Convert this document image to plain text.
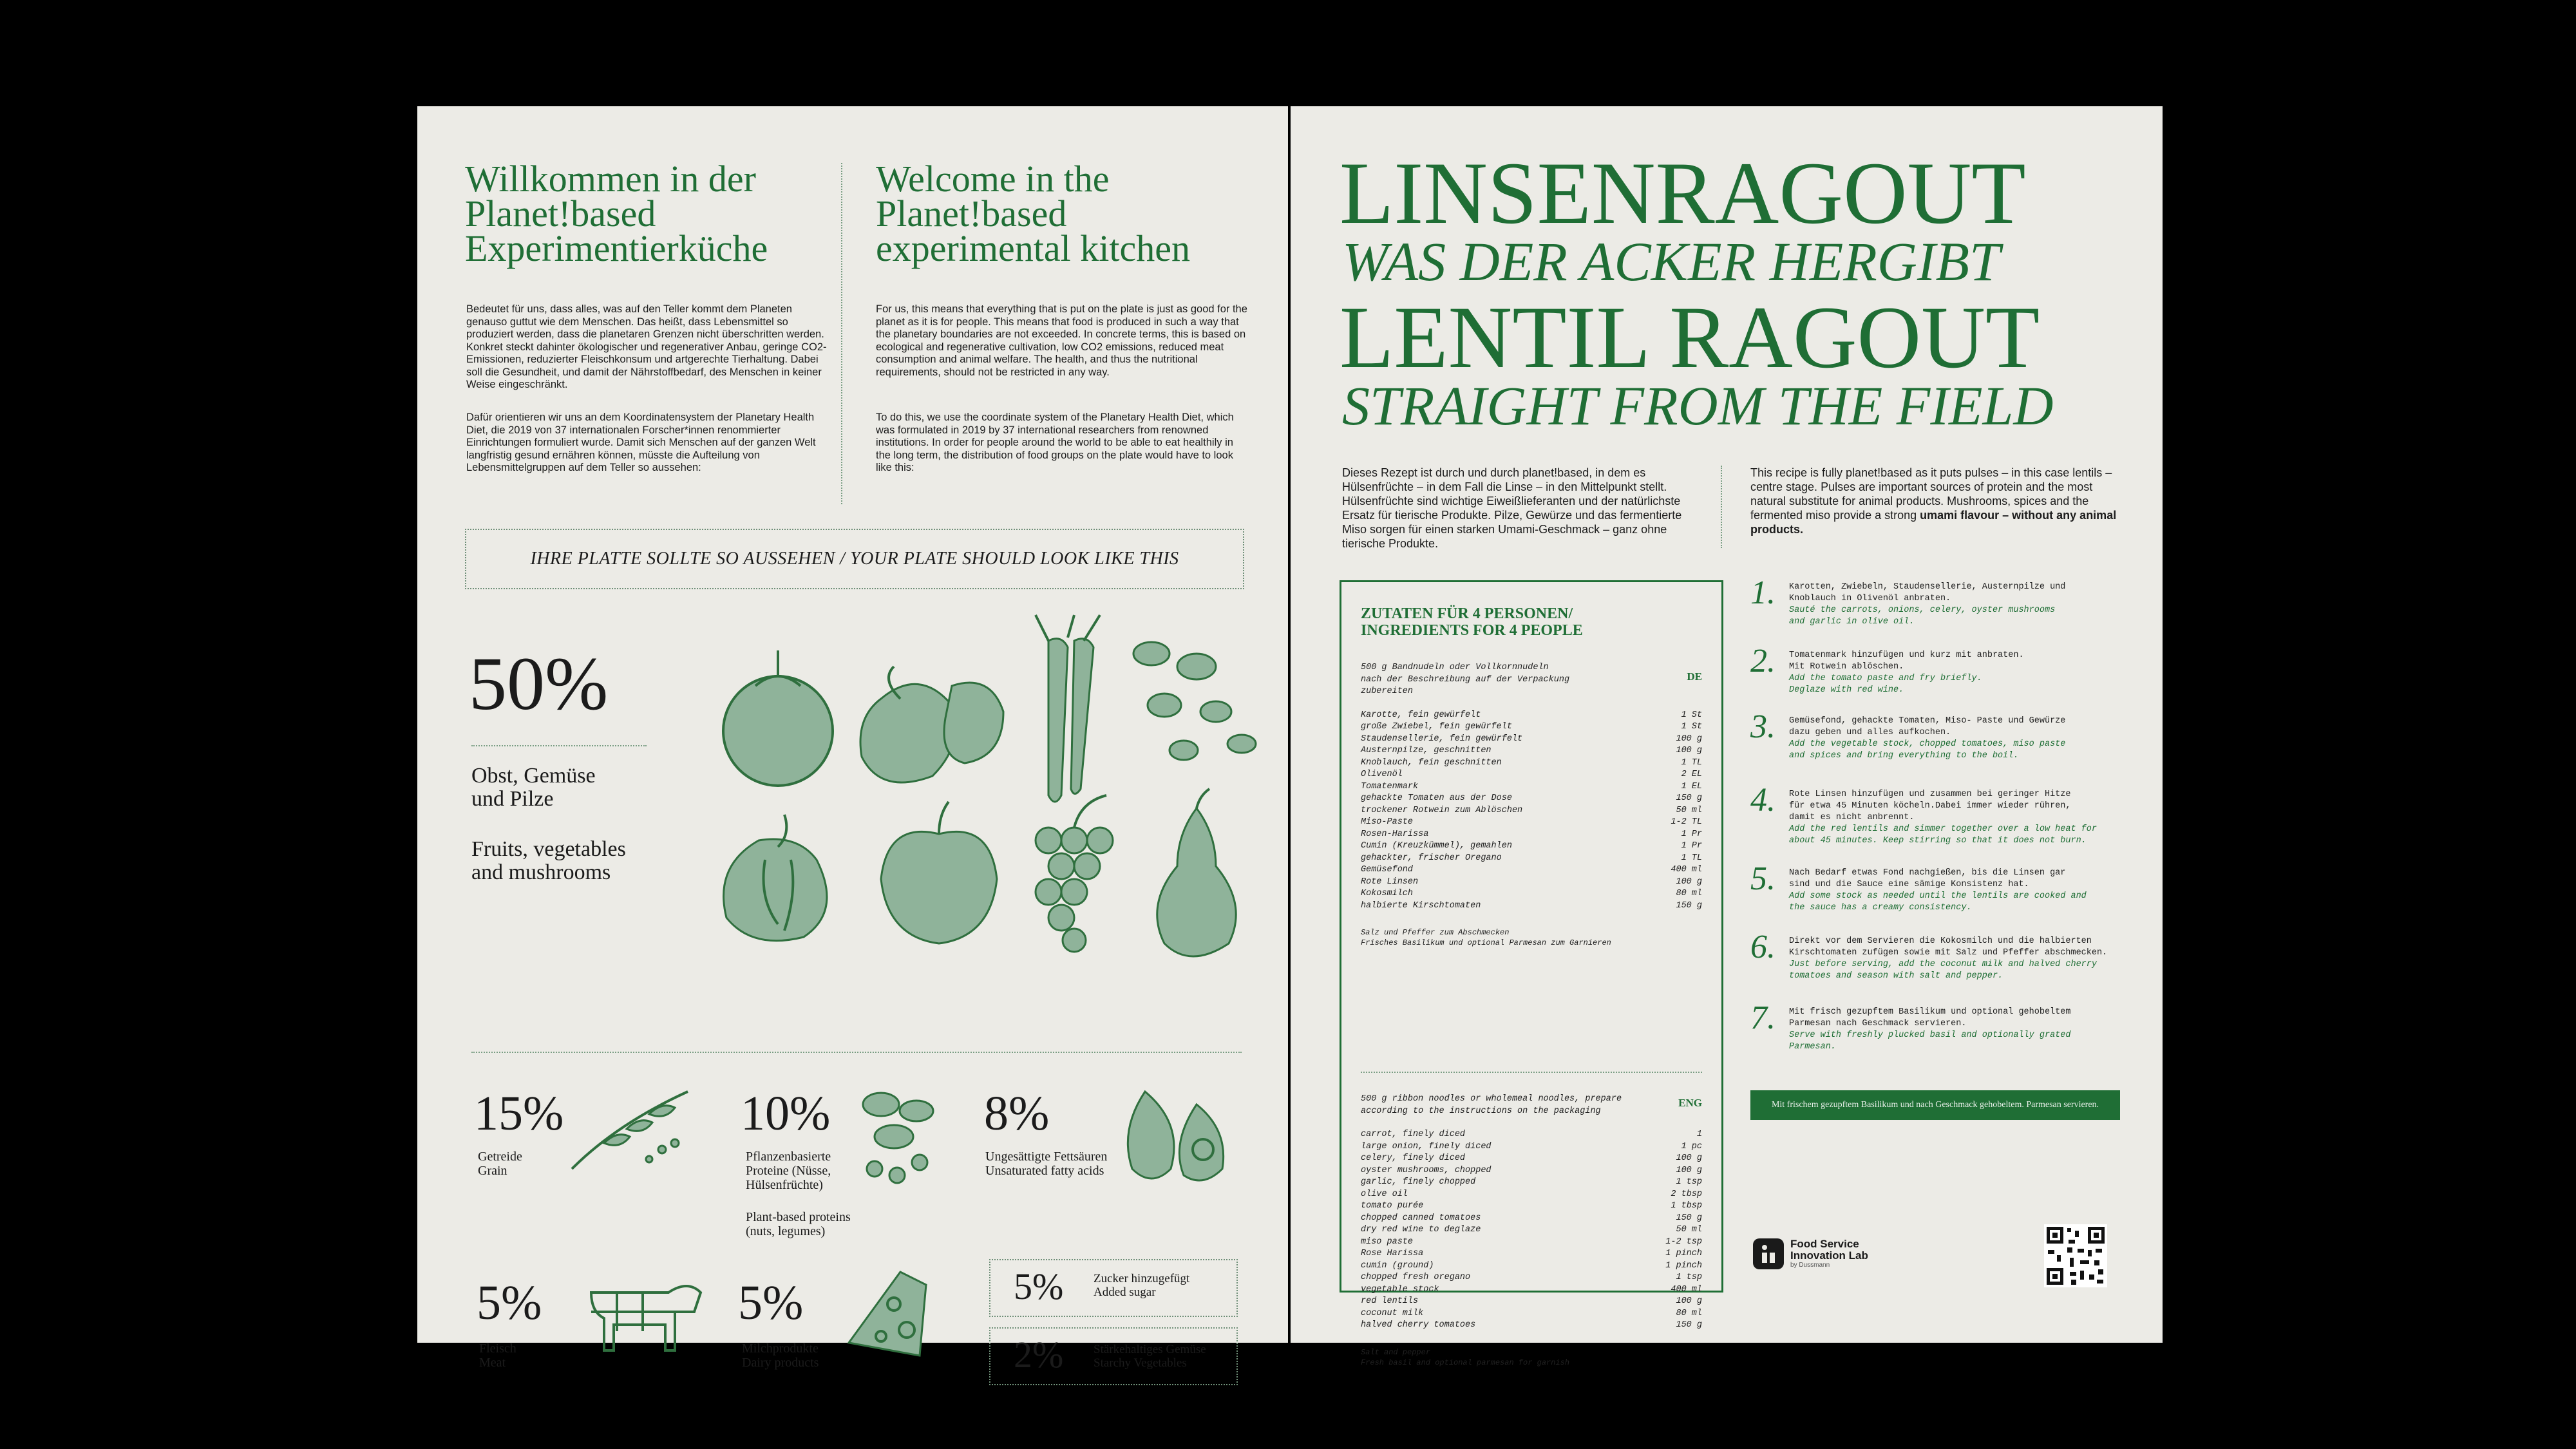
Willkommen in der
Planet!based
Experimentierküche
Welcome in the
Planet!based
experimental kitchen
Bedeutet für uns, dass alles, was auf den Teller kommt dem Planeten genauso guttut wie dem Menschen. Das heißt, dass Lebensmittel so produziert werden, dass die planetaren Grenzen nicht überschritten werden. Konkret steckt dahinter ökologischer und regenerativer Anbau, geringe CO2-Emissionen, reduzierter Fleischkonsum und artgerechte Tierhaltung. Dabei soll die Gesundheit, und damit der Nährstoffbedarf, des Menschen in keiner Weise eingeschränkt.
Dafür orientieren wir uns an dem Koordinatensystem der Planetary Health Diet, die 2019 von 37 internationalen Forscher*innen renommierter Einrichtungen formuliert wurde. Damit sich Menschen auf der ganzen Welt langfristig gesund ernähren können, müsste die Aufteilung von Lebensmittelgruppen auf dem Teller so aussehen:
For us, this means that everything that is put on the plate is just as good for the planet as it is for people. This means that food is produced in such a way that the planetary boundaries are not exceeded. In concrete terms, this is based on ecological and regenerative cultivation, low CO2 emissions, reduced meat consumption and animal welfare. The health, and thus the nutritional requirements, should not be restricted in any way.
To do this, we use the coordinate system of the Planetary Health Diet, which was formulated in 2019 by 37 international researchers from renowned institutions. In order for people around the world to be able to eat healthily in the long term, the distribution of food groups on the plate would have to look like this:
IHRE PLATTE SOLLTE SO AUSSEHEN / YOUR PLATE SHOULD LOOK LIKE THIS
50%
Obst, Gemüse
und Pilze
Fruits, vegetables
and mushrooms
15%
Getreide
Grain
10%
Pflanzenbasierte
Proteine (Nüsse,
Hülsenfrüchte)
Plant-based proteins
(nuts, legumes)
8%
Ungesättigte Fettsäuren
Unsaturated fatty acids
5%
Fleisch
Meat
5%
Milchprodukte
Dairy products
5% Zucker hinzugefügt
Added sugar
2% Stärkehaltiges Gemüse
Starchy Vegetables
LINSENRAGOUT
WAS DER ACKER HERGIBT
LENTIL RAGOUT
STRAIGHT FROM THE FIELD
Dieses Rezept ist durch und durch planet!based, in dem es Hülsenfrüchte – in dem Fall die Linse – in den Mittelpunkt stellt. Hülsenfrüchte sind wichtige Eiweißlieferanten und der natürlichste Ersatz für tierische Produkte. Pilze, Gewürze und das fermentierte Miso sorgen für einen starken Umami-Geschmack – ganz ohne tierische Produkte.
This recipe is fully planet!based as it puts pulses – in this case lentils – centre stage. Pulses are important sources of protein and the most natural substitute for animal products. Mushrooms, spices and the fermented miso provide a strong umami flavour – without any animal products.
ZUTATEN FÜR 4 PERSONEN/
INGREDIENTS FOR 4 PEOPLE
500 g Bandnudeln oder Vollkornnudeln
nach der Beschreibung auf der Verpackung
zubereiten
DE
Karotte, fein gewürfelt	1 St
große Zwiebel, fein gewürfelt	1 St
Staudensellerie, fein gewürfelt	100 g
Austernpilze, geschnitten	100 g
Knoblauch, fein geschnitten	1 TL
Olivenöl	2 EL
Tomatenmark	1 EL
gehackte Tomaten aus der Dose	150 g
trockener Rotwein zum Ablöschen	50 ml
Miso-Paste	1-2 TL
Rosen-Harissa	1 Pr
Cumin (Kreuzkümmel), gemahlen	1 Pr
gehackter, frischer Oregano	1 TL
Gemüsefond	400 ml
Rote Linsen	100 g
Kokosmilch	80 ml
halbierte Kirschtomaten	150 g
Salz und Pfeffer zum Abschmecken
Frisches Basilikum und optional Parmesan zum Garnieren
500 g ribbon noodles or wholemeal noodles, prepare
according to the instructions on the packaging
ENG
carrot, finely diced	1
large onion, finely diced	1 pc
celery, finely diced	100 g
oyster mushrooms, chopped	100 g
garlic, finely chopped	1 tsp
olive oil	2 tbsp
tomato purée	1 tbsp
chopped canned tomatoes	150 g
dry red wine to deglaze	50 ml
miso paste	1-2 tsp
Rose Harissa	1 pinch
cumin (ground)	1 pinch
chopped fresh oregano	1 tsp
vegetable stock	400 ml
red lentils	100 g
coconut milk	80 ml
halved cherry tomatoes	150 g
Salt and pepper
Fresh basil and optional parmesan for garnish
1.	Karotten, Zwiebeln, Staudensellerie, Austernpilze und
Knoblauch in Olivenöl anbraten.
Sauté the carrots, onions, celery, oyster mushrooms
and garlic in olive oil.
2.	Tomatenmark hinzufügen und kurz mit anbraten.
Mit Rotwein ablöschen.
Add the tomato paste and fry briefly.
Deglaze with red wine.
3.	Gemüsefond, gehackte Tomaten, Miso- Paste und Gewürze
dazu geben und alles aufkochen.
Add the vegetable stock, chopped tomatoes, miso paste
and spices and bring everything to the boil.
4.	Rote Linsen hinzufügen und zusammen bei geringer Hitze
für etwa 45 Minuten köcheln.Dabei immer wieder rühren,
damit es nicht anbrennt.
Add the red lentils and simmer together over a low heat for
about 45 minutes. Keep stirring so that it does not burn.
5.	Nach Bedarf etwas Fond nachgießen, bis die Linsen gar
sind und die Sauce eine sämige Konsistenz hat.
Add some stock as needed until the lentils are cooked and
the sauce has a creamy consistency.
6.	Direkt vor dem Servieren die Kokosmilch und die halbierten
Kirschtomaten zufügen sowie mit Salz und Pfeffer abschmecken.
Just before serving, add the coconut milk and halved cherry
tomatoes and season with salt and pepper.
7.	Mit frisch gezupftem Basilikum und optional gehobeltem
Parmesan nach Geschmack servieren.
Serve with freshly plucked basil and optionally grated
Parmesan.
Mit frischem gezupftem Basilikum und nach Geschmack gehobeltem. Parmesan servieren.
Food Service
Innovation Lab
by Dussmann
